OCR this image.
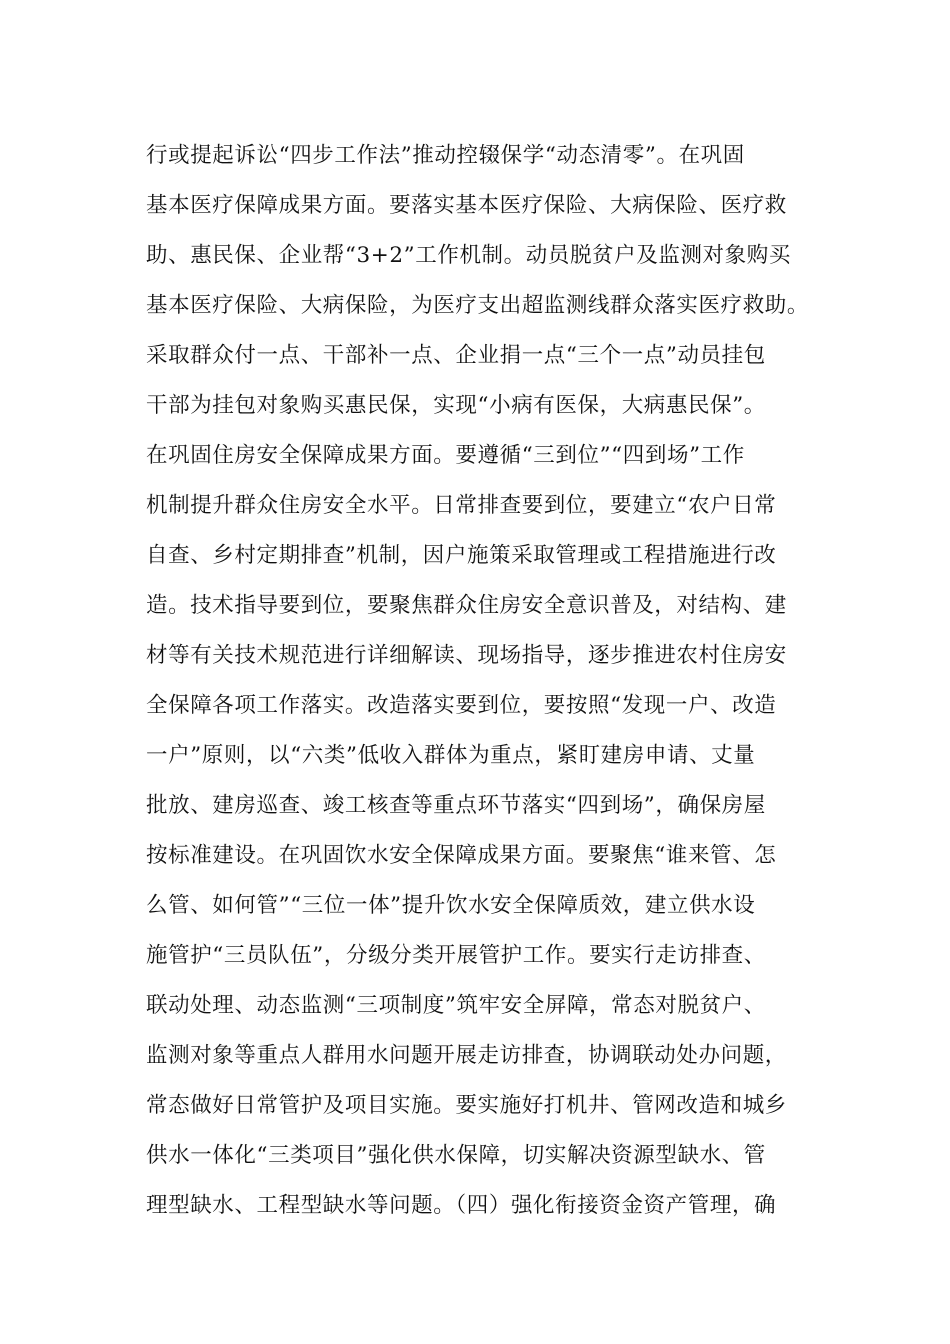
行或提起诉讼“四步工作法”推动控辍保学“动态清零”。在巩固
基本医疗保障成果方面。要落实基本医疗保险、大病保险、医疗救
助、惠民保、企业帮“3+2”工作机制。动员脱贫户及监测对象购买
基本医疗保险、大病保险，为医疗支出超监测线群众落实医疗救助。
采取群众付一点、干部补一点、企业捐一点“三个一点”动员挂包
干部为挂包对象购买惠民保，实现“小病有医保，大病惠民保”。
在巩固住房安全保障成果方面。要遵循“三到位”“四到场”工作
机制提升群众住房安全水平。日常排查要到位，要建立“农户日常
自查、乡村定期排查”机制，因户施策采取管理或工程措施进行改
造。技术指导要到位，要聚焦群众住房安全意识普及，对结构、建
材等有关技术规范进行详细解读、现场指导，逐步推进农村住房安
全保障各项工作落实。改造落实要到位，要按照“发现一户、改造
一户”原则，以“六类”低收入群体为重点，紧盯建房申请、丈量
批放、建房巡查、竣工核查等重点环节落实“四到场”，确保房屋
按标准建设。在巩固饮水安全保障成果方面。要聚焦“谁来管、怎
么管、如何管”“三位一体”提升饮水安全保障质效，建立供水设
施管护“三员队伍”，分级分类开展管护工作。要实行走访排查、
联动处理、动态监测“三项制度”筑牢安全屏障，常态对脱贫户、
监测对象等重点人群用水问题开展走访排查，协调联动处办问题，
常态做好日常管护及项目实施。要实施好打机井、管网改造和城乡
供水一体化“三类项目”强化供水保障，切实解决资源型缺水、管
理型缺水、工程型缺水等问题。（四）强化衔接资金资产管理，确
